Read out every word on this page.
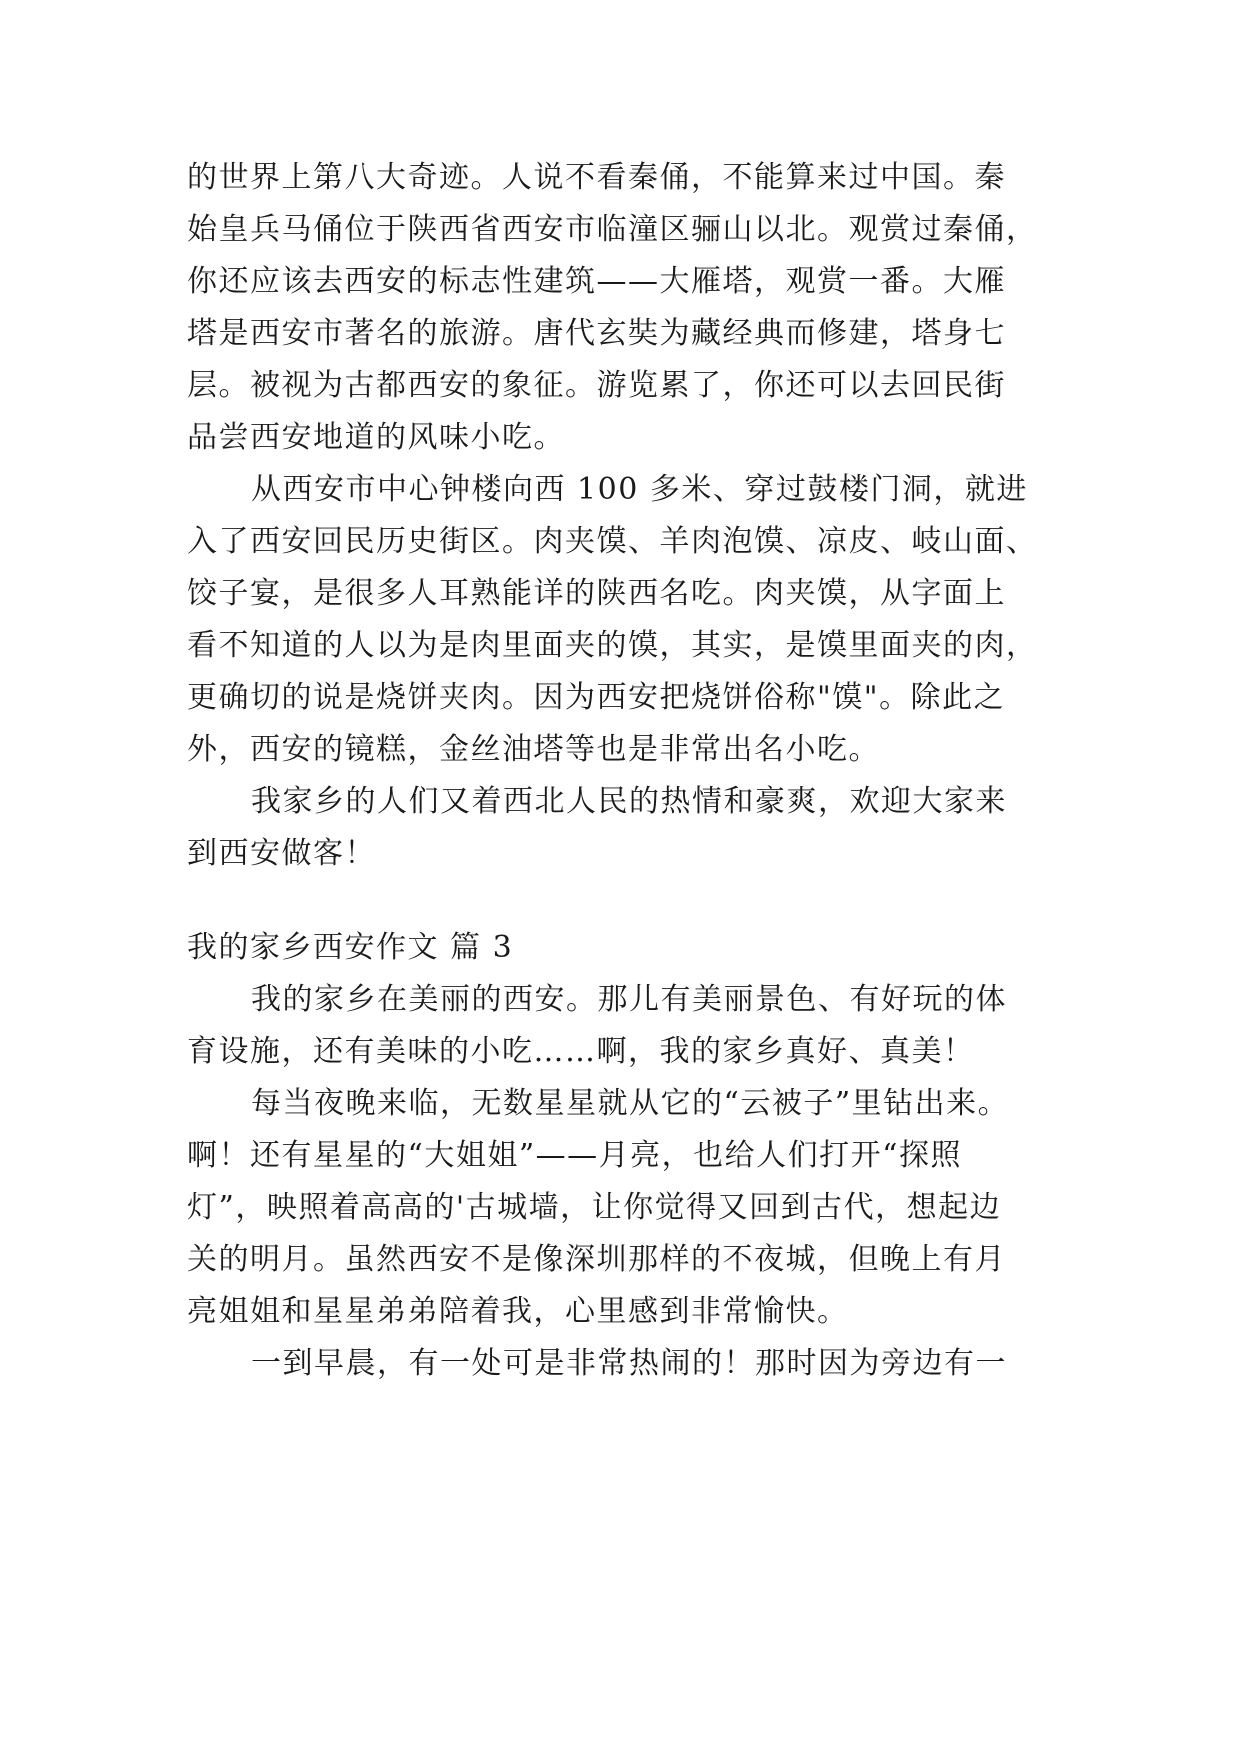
的世界上第八大奇迹。人说不看秦俑，不能算来过中国。秦
始皇兵马俑位于陕西省西安市临潼区骊山以北。观赏过秦俑，
你还应该去西安的标志性建筑——大雁塔，观赏一番。大雁
塔是西安市著名的旅游。唐代玄奘为藏经典而修建，塔身七
层。被视为古都西安的象征。游览累了，你还可以去回民街
品尝西安地道的风味小吃。
从西安市中心钟楼向西 100 多米、穿过鼓楼门洞，就进
入了西安回民历史街区。肉夹馍、羊肉泡馍、凉皮、岐山面、
饺子宴，是很多人耳熟能详的陕西名吃。肉夹馍，从字面上
看不知道的人以为是肉里面夹的馍，其实，是馍里面夹的肉，
更确切的说是烧饼夹肉。因为西安把烧饼俗称"馍"。除此之
外，西安的镜糕，金丝油塔等也是非常出名小吃。
我家乡的人们又着西北人民的热情和豪爽，欢迎大家来
到西安做客！
我的家乡西安作文 篇 3
我的家乡在美丽的西安。那儿有美丽景色、有好玩的体
育设施，还有美味的小吃……啊，我的家乡真好、真美！
每当夜晚来临，无数星星就从它的“云被子”里钻出来。
啊！还有星星的“大姐姐”——月亮，也给人们打开“探照
灯”，映照着高高的'古城墙，让你觉得又回到古代，想起边
关的明月。虽然西安不是像深圳那样的不夜城，但晚上有月
亮姐姐和星星弟弟陪着我，心里感到非常愉快。
一到早晨，有一处可是非常热闹的！那时因为旁边有一
